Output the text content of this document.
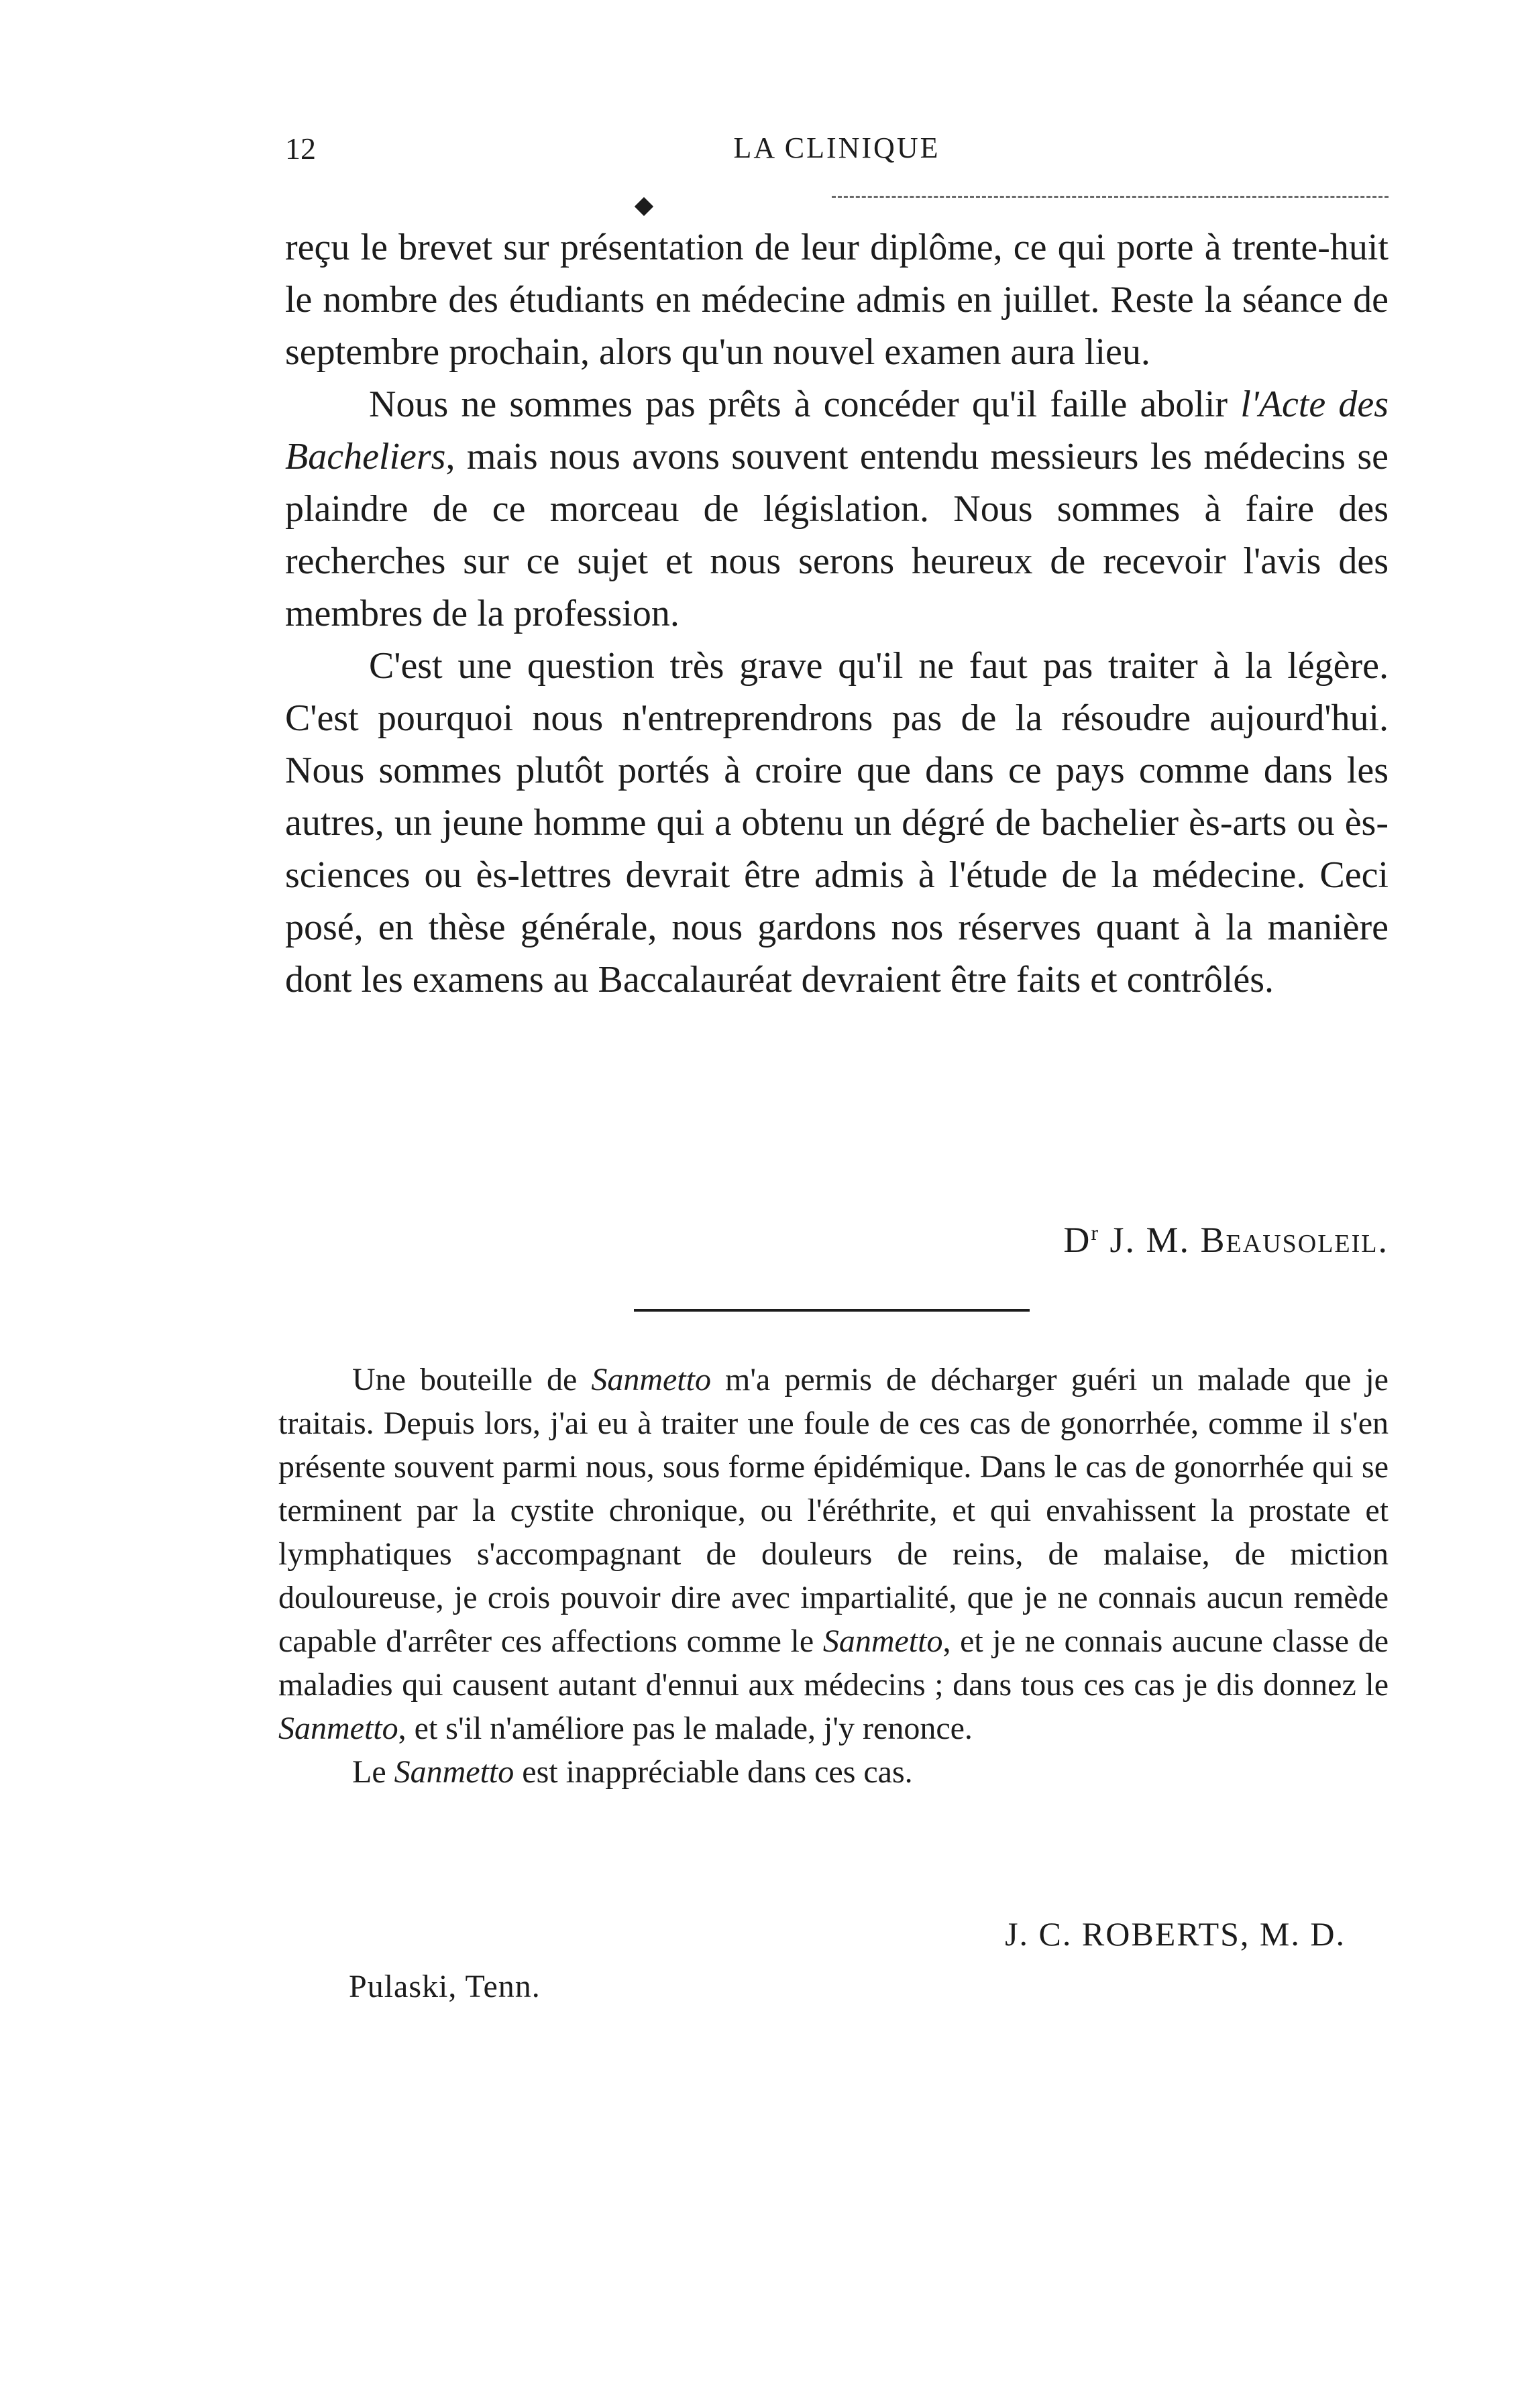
12	LA CLINIQUE

reçu le brevet sur présentation de leur diplôme, ce qui porte à trente-huit le nombre des étudiants en médecine admis en juillet. Reste la séance de septembre prochain, alors qu'un nouvel examen aura lieu.

Nous ne sommes pas prêts à concéder qu'il faille abolir l'Acte des Bacheliers, mais nous avons souvent entendu messieurs les médecins se plaindre de ce morceau de législation. Nous sommes à faire des recherches sur ce sujet et nous serons heureux de recevoir l'avis des membres de la profession.

C'est une question très grave qu'il ne faut pas traiter à la légère. C'est pourquoi nous n'entreprendrons pas de la résoudre aujourd'hui. Nous sommes plutôt portés à croire que dans ce pays comme dans les autres, un jeune homme qui a obtenu un dégré de bachelier ès-arts ou ès-sciences ou ès-lettres devrait être admis à l'étude de la médecine. Ceci posé, en thèse générale, nous gardons nos réserves quant à la manière dont les examens au Baccalauréat devraient être faits et contrôlés.

$D^r$ J. M. Beausoleil.

Une bouteille de Sanmetto m'a permis de décharger guéri un malade que je traitais. Depuis lors, j'ai eu à traiter une foule de ces cas de gonorrhée, comme il s'en présente souvent parmi nous, sous forme épidémique. Dans le cas de gonorrhée qui se terminent par la cystite chronique, ou l'éréthrite, et qui envahissent la prostate et lymphatiques s'accompagnant de douleurs de reins, de malaise, de miction douloureuse, je crois pouvoir dire avec impartialité, que je ne connais aucun remède capable d'arrêter ces affections comme le Sanmetto, et je ne connais aucune classe de maladies qui causent autant d'ennui aux médecins ; dans tous ces cas je dis donnez le Sanmetto, et s'il n'améliore pas le malade, j'y renonce.

Le Sanmetto est inappréciable dans ces cas.

J. C. ROBERTS, M. D.
Pulaski, Tenn.
